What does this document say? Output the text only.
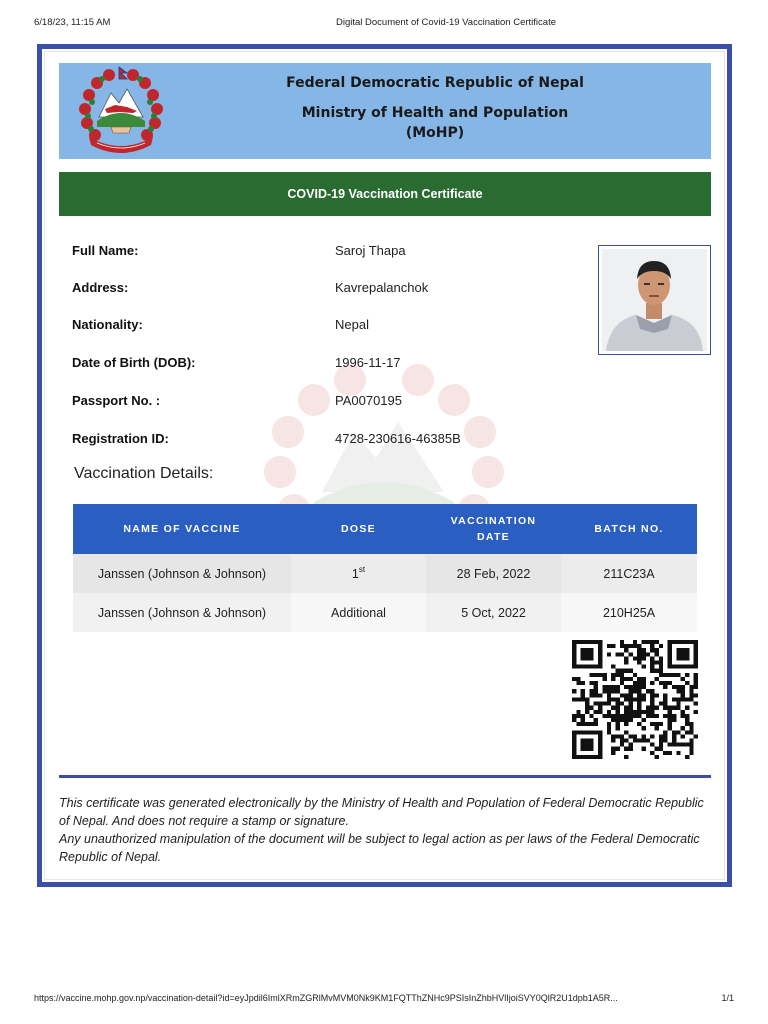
6/18/23, 11:15 AM	Digital Document of Covid-19 Vaccination Certificate
Federal Democratic Republic of Nepal
Ministry of Health and Population
(MoHP)
COVID-19 Vaccination Certificate
Full Name:	Saroj Thapa
Address:	Kavrepalanchok
Nationality:	Nepal
Date of Birth (DOB):	1996-11-17
Passport No. :	PA0070195
Registration ID:	4728-230616-46385B
Vaccination Details:
NAME OF VACCINE	DOSE	VACCINATION DATE	BATCH NO.
Janssen (Johnson & Johnson)	1st	28 Feb, 2022	211C23A
Janssen (Johnson & Johnson)	Additional	5 Oct, 2022	210H25A
This certificate was generated electronically by the Ministry of Health and Population of Federal Democratic Republic of Nepal. And does not require a stamp or signature.
Any unauthorized manipulation of the document will be subject to legal action as per laws of the Federal Democratic Republic of Nepal.
https://vaccine.mohp.gov.np/vaccination-detail?id=eyJpdil6ImlXRmZGRlMvMVM0Nk9KM1FQTThZNHc9PSIsInZhbHVlIjoiSVY0QlR2U1dpb1A5R...	1/1
